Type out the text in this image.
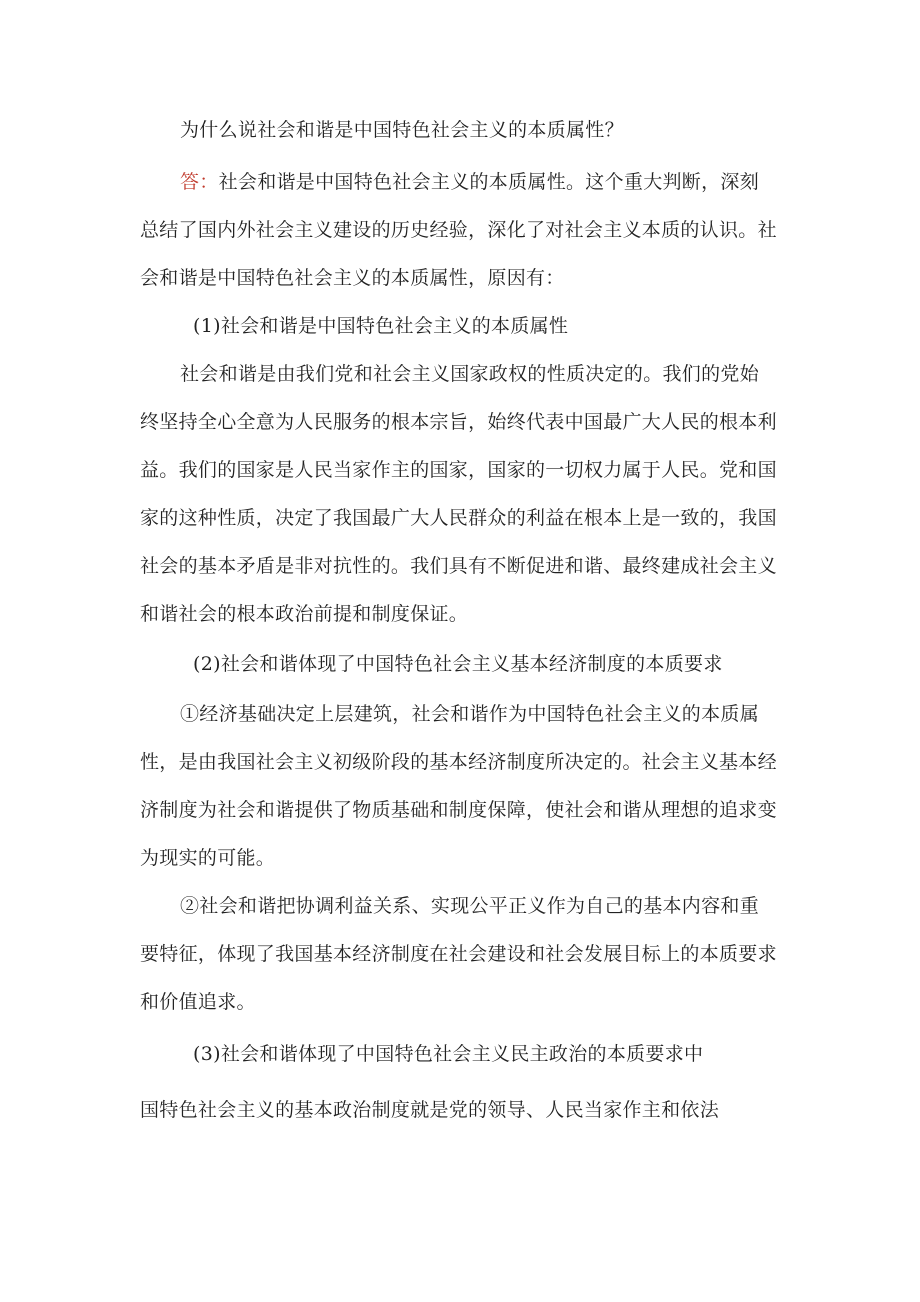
为什么说社会和谐是中国特色社会主义的本质属性？
答：社会和谐是中国特色社会主义的本质属性。这个重大判断，深刻
总结了国内外社会主义建设的历史经验，深化了对社会主义本质的认识。社
会和谐是中国特色社会主义的本质属性，原因有：
(1)社会和谐是中国特色社会主义的本质属性
社会和谐是由我们党和社会主义国家政权的性质决定的。我们的党始
终坚持全心全意为人民服务的根本宗旨，始终代表中国最广大人民的根本利
益。我们的国家是人民当家作主的国家，国家的一切权力属于人民。党和国
家的这种性质，决定了我国最广大人民群众的利益在根本上是一致的，我国
社会的基本矛盾是非对抗性的。我们具有不断促进和谐、最终建成社会主义
和谐社会的根本政治前提和制度保证。
(2)社会和谐体现了中国特色社会主义基本经济制度的本质要求
①经济基础决定上层建筑，社会和谐作为中国特色社会主义的本质属
性，是由我国社会主义初级阶段的基本经济制度所决定的。社会主义基本经
济制度为社会和谐提供了物质基础和制度保障，使社会和谐从理想的追求变
为现实的可能。
②社会和谐把协调利益关系、实现公平正义作为自己的基本内容和重
要特征，体现了我国基本经济制度在社会建设和社会发展目标上的本质要求
和价值追求。
(3)社会和谐体现了中国特色社会主义民主政治的本质要求中
国特色社会主义的基本政治制度就是党的领导、人民当家作主和依法
